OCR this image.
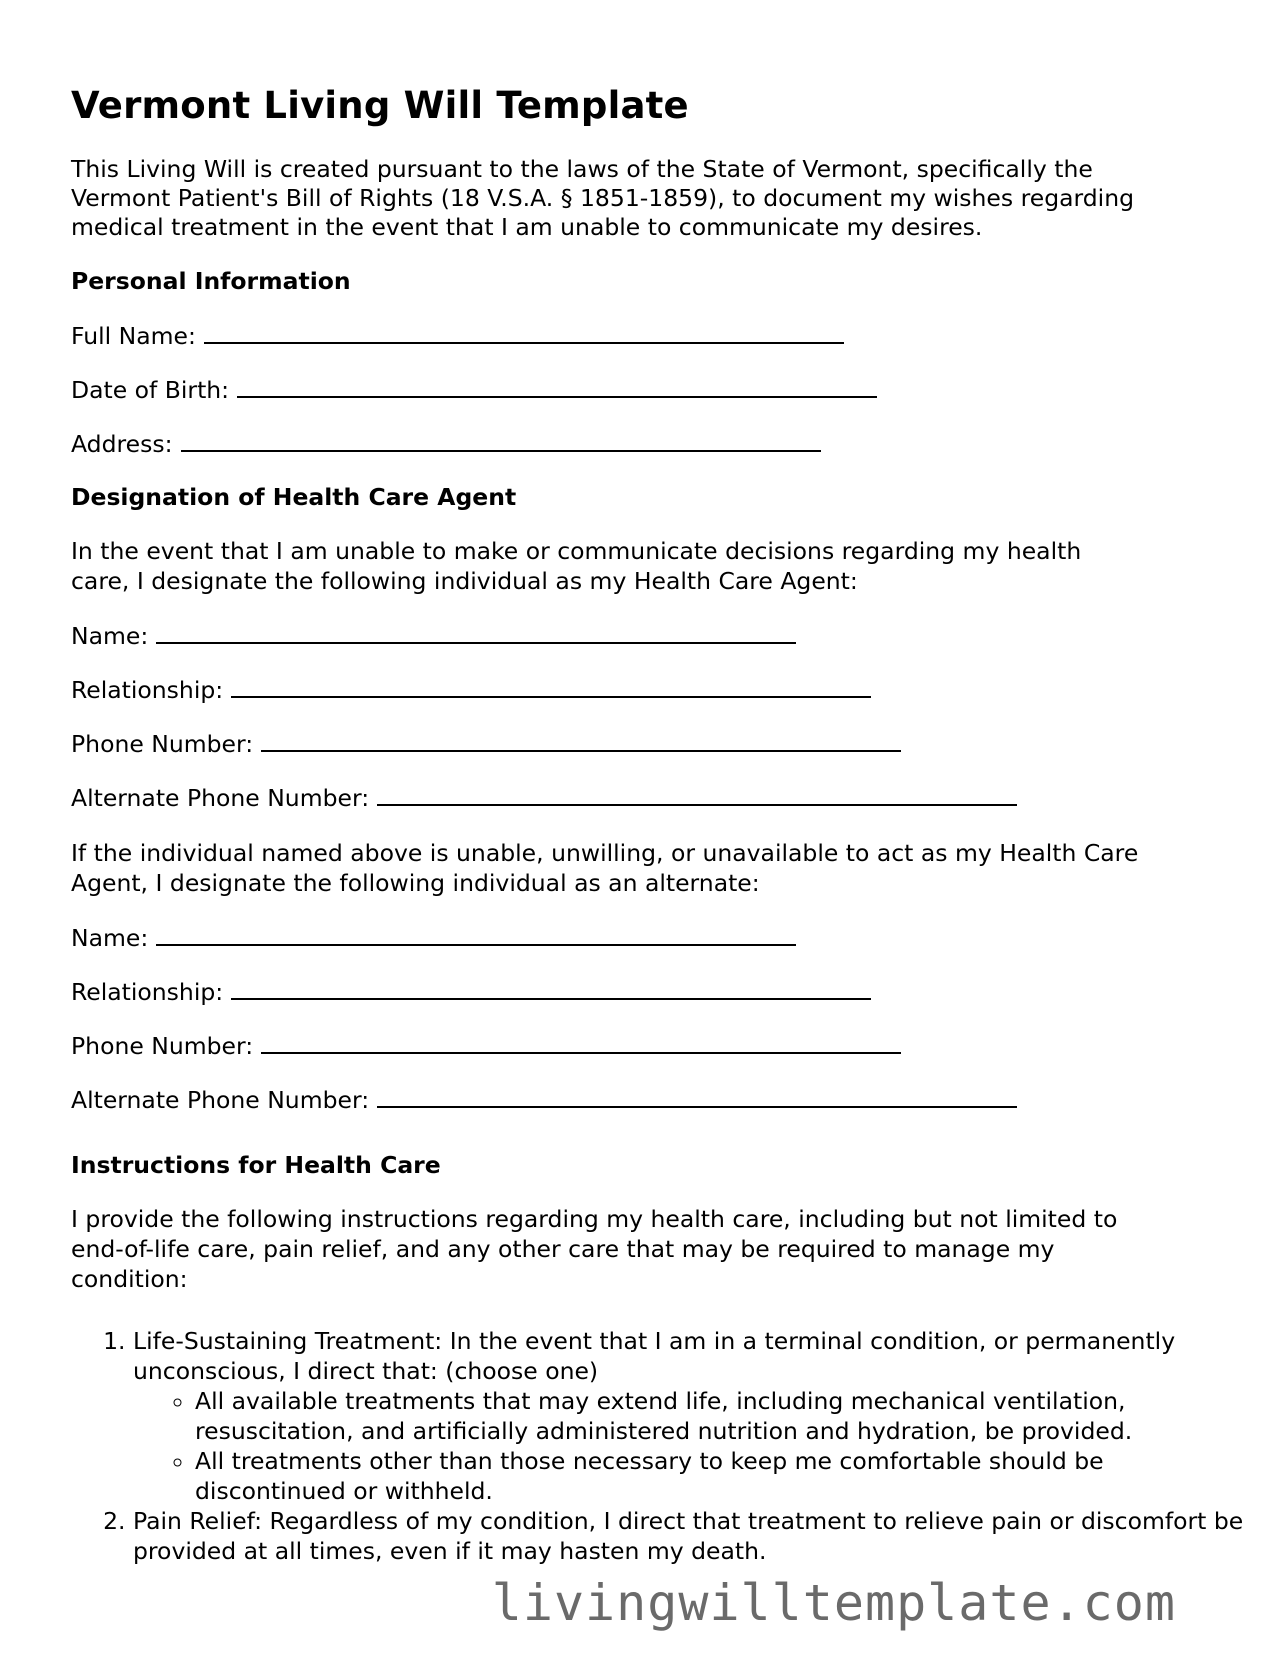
Vermont Living Will Template

This Living Will is created pursuant to the laws of the State of Vermont, specifically the

Vermont Patient's Bill of Rights (18 V.S.A. § 1851-1859), to document my wishes regarding

medical treatment in the event that I am unable to communicate my desires.

Personal Information

Full Name:
Date of Birth:
Address:

Designation of Health Care Agent

In the event that I am unable to make or communicate decisions regarding my health

care, I designate the following individual as my Health Care Agent:

Name:
Relationship:
Phone Number:
Alternate Phone Number:

If the individual named above is unable, unwilling, or unavailable to act as my Health Care

Agent, I designate the following individual as an alternate:

Name:
Relationship:
Phone Number:
Alternate Phone Number:

Instructions for Health Care

I provide the following instructions regarding my health care, including but not limited to

end-of-life care, pain relief, and any other care that may be required to manage my

condition:

1. Life-Sustaining Treatment: In the event that I am in a terminal condition, or permanently unconscious, I direct that: (choose one)
◦ All available treatments that may extend life, including mechanical ventilation, resuscitation, and artificially administered nutrition and hydration, be provided.
◦ All treatments other than those necessary to keep me comfortable should be discontinued or withheld.
2. Pain Relief: Regardless of my condition, I direct that treatment to relieve pain or discomfort be provided at all times, even if it may hasten my death.
livingwilltemplate.com
